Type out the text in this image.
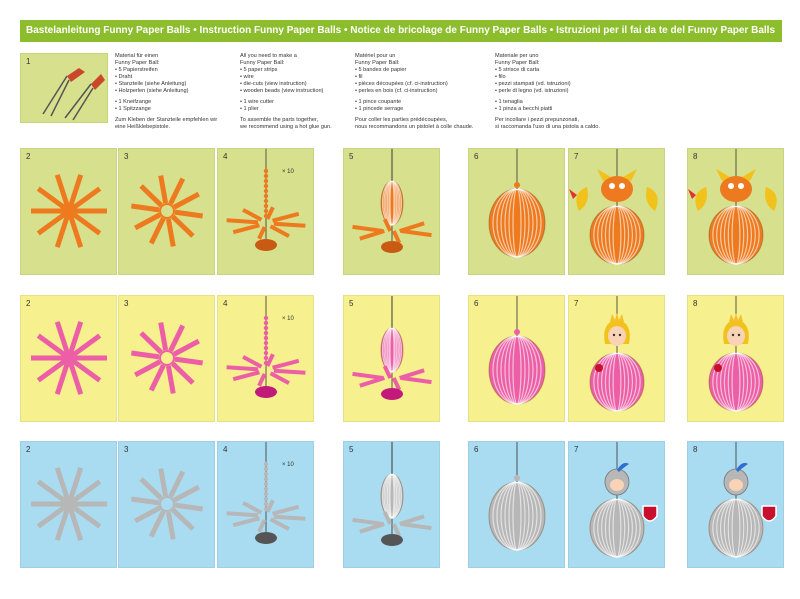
Bastelanleitung Funny Paper Balls • Instruction Funny Paper Balls • Notice de bricolage de Funny Paper Balls • Istruzioni per il fai da te del Funny Paper Balls
1
Material für einen
Funny Paper Ball:
• 5 Papierstreifen
• Draht
• Stanzteile (siehe Anleitung)
• Holzperlen (siehe Anleitung)
• 1 Kneifzange
• 1 Spitzzange
Zum Kleben der Stanzteile empfehlen wir
eine Heißklebepistole.
All you need to make a
Funny Paper Ball:
• 5 paper strips
• wire
• die-cuts (view instruction)
• wooden beads (view instruction)
• 1 wire cutter
• 1 plier
To assemble the parts together,
we recommend using a hot glue gun.
Matériel pour un
Funny Paper Ball:
• 5 bandes de papier
• fil
• pièces découpées (cf. ci-instruction)
• perles en bois (cf. ci-instruction)
• 1 pince coupante
• 1 pincede serrage
Pour coller les parties prédécoupées,
nous recommandons un pistolet à colle chaude.
Materiale per uno
Funny Paper Ball:
• 5 strisce di carta
• filo
• pezzi stampati (vd. istruzioni)
• perle di legno (vd. istruzioni)
• 1 tenaglia
• 1 pinza a becchi piatti
Per incollare i pezzi prepunzonati,
si raccomanda l'uso di una pistola a caldo.
2	3
× 10
4	5	6	7	8
2	3
× 10
4	5	6	7	8
2	3
× 10
4	5	6	7	8
